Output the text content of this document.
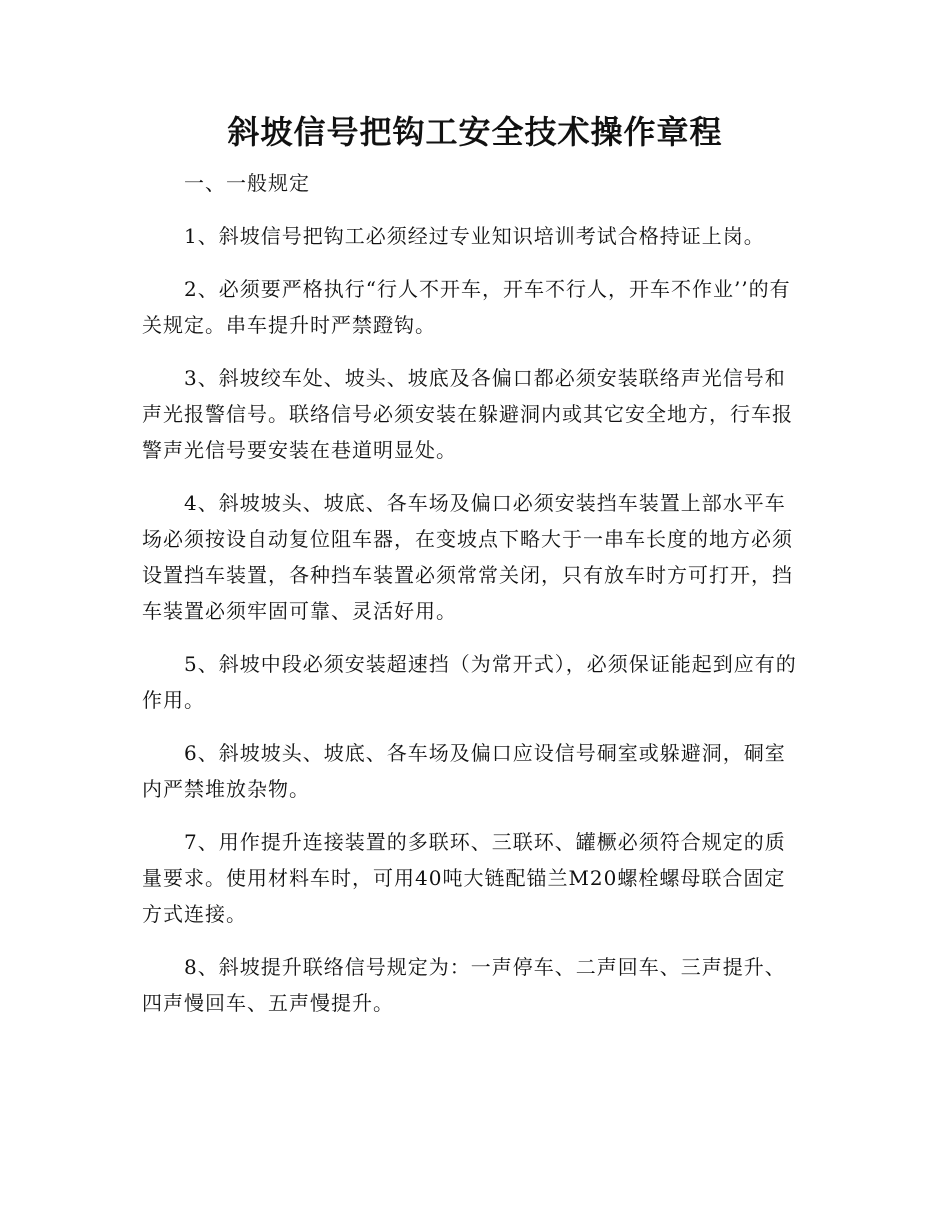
斜坡信号把钩工安全技术操作章程

一、一般规定

1、斜坡信号把钩工必须经过专业知识培训考试合格持证上岗。

2、必须要严格执行“行人不开车，开车不行人，开车不作业’’的有关规定。串车提升时严禁蹬钩。

3、斜坡绞车处、坡头、坡底及各偏口都必须安装联络声光信号和声光报警信号。联络信号必须安装在躲避洞内或其它安全地方，行车报警声光信号要安装在巷道明显处。

4、斜坡坡头、坡底、各车场及偏口必须安装挡车装置上部水平车场必须按设自动复位阻车器，在变坡点下略大于一串车长度的地方必须设置挡车装置，各种挡车装置必须常常关闭，只有放车时方可打开，挡车装置必须牢固可靠、灵活好用。

5、斜坡中段必须安装超速挡（为常开式），必须保证能起到应有的作用。

6、斜坡坡头、坡底、各车场及偏口应设信号硐室或躲避洞，硐室内严禁堆放杂物。

7、用作提升连接装置的多联环、三联环、罐橛必须符合规定的质量要求。使用材料车时，可用40吨大链配锚兰M20螺栓螺母联合固定方式连接。

8、斜坡提升联络信号规定为：一声停车、二声回车、三声提升、四声慢回车、五声慢提升。
